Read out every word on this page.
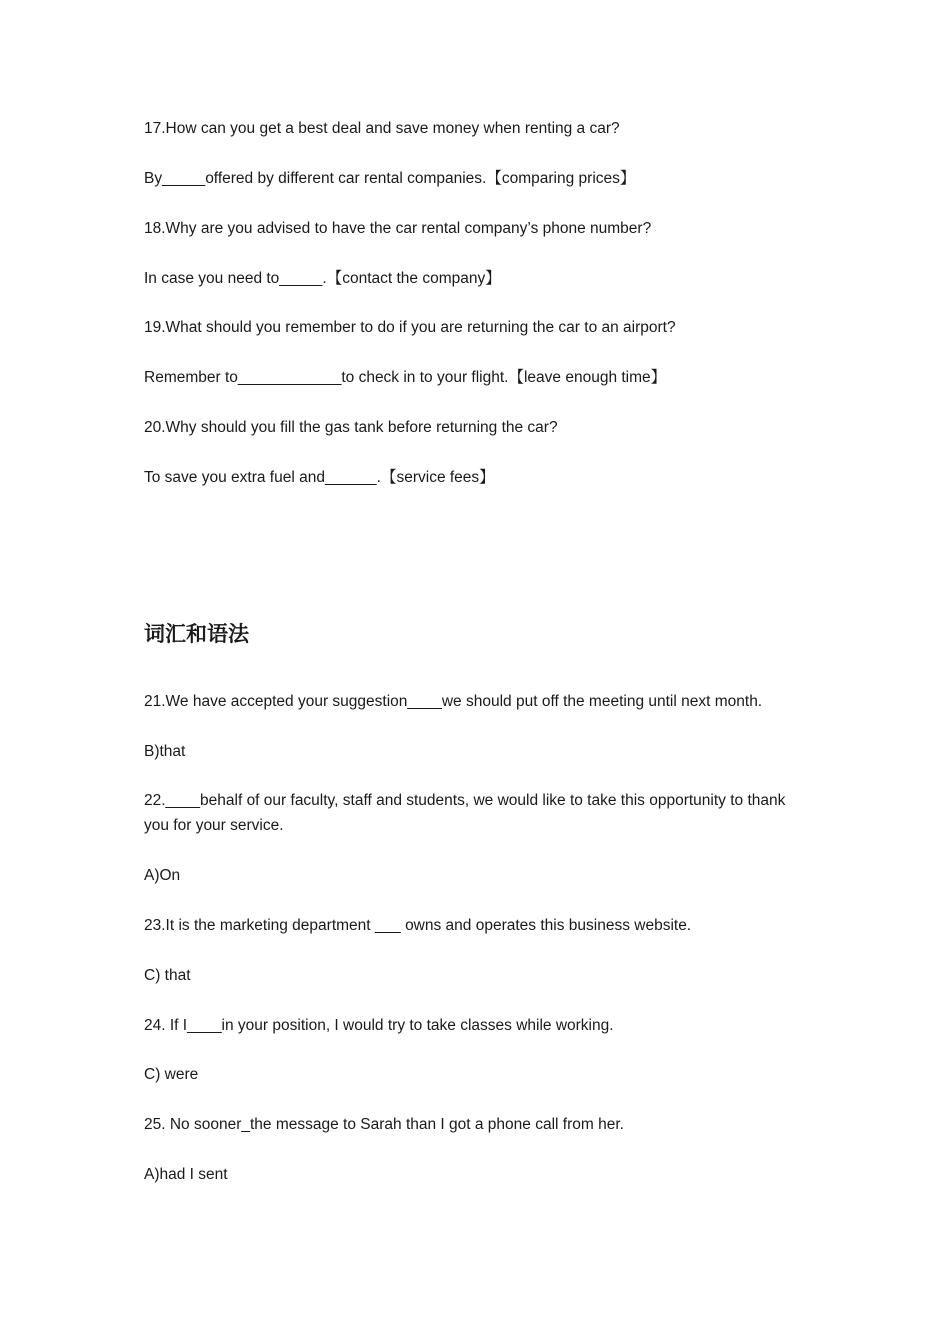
17.How can you get a best deal and save money when renting a car?
By_____offered by different car rental companies.【comparing prices】
18.Why are you advised to have the car rental company’s phone number?
In case you need to_____.【contact the company】
19.What should you remember to do if you are returning the car to an airport?
Remember to____________to check in to your flight.【leave enough time】
20.Why should you fill the gas tank before returning the car?
To save you extra fuel and______.【service fees】
词汇和语法
21.We have accepted your suggestion____we should put off the meeting until next month.
B)that
22.____behalf of our faculty, staff and students, we would like to take this opportunity to thank you for your service.
A)On
23.It is the marketing department ___ owns and operates this business website.
C) that
24. If I____in your position, I would try to take classes while working.
C) were
25. No sooner_the message to Sarah than I got a phone call from her.
A)had I sent
